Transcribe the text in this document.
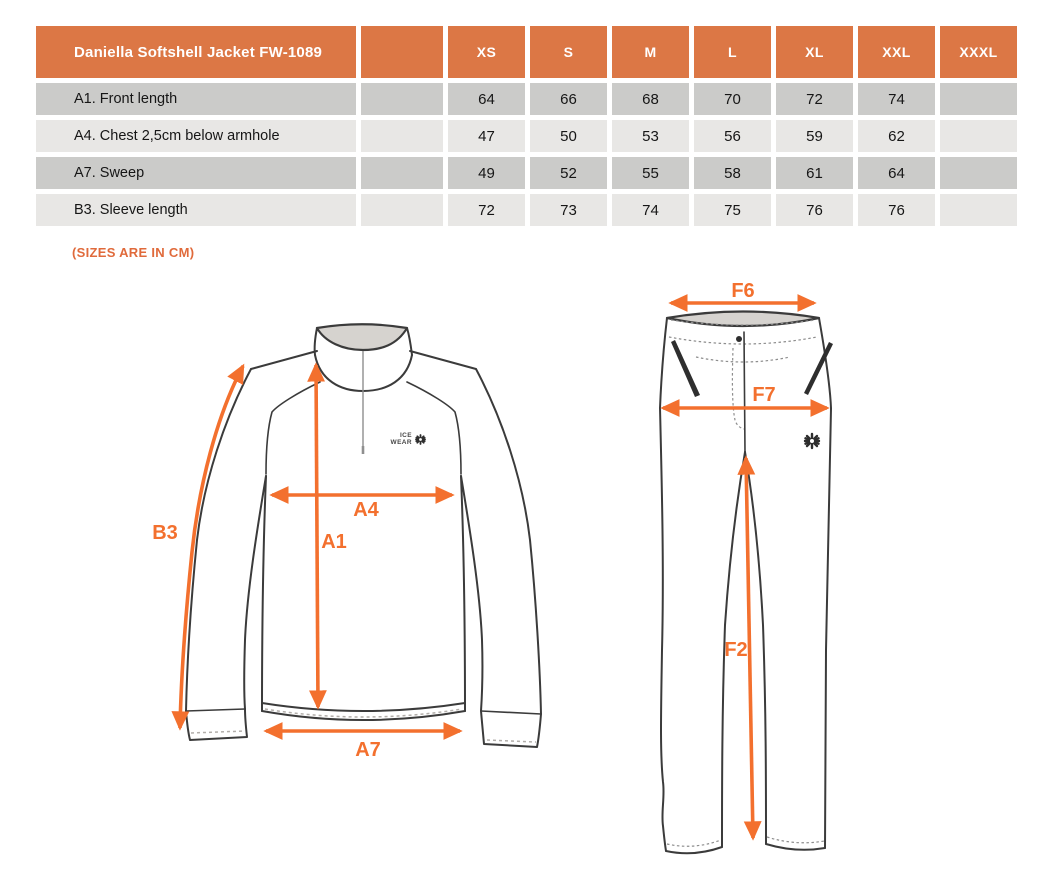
Daniella Softshell Jacket FW-1089	XS	S	M	L	XL	XXL	XXXL
A1. Front length	64	66	68	70	72	74
A4. Chest 2,5cm below armhole	47	50	53	56	59	62
A7. Sweep	49	52	55	58	61	64
B3. Sleeve length	72	73	74	75	76	76
(SIZES ARE IN CM)
ICE
WEAR
B3
A4
A1
A7
F6
F7
F2
